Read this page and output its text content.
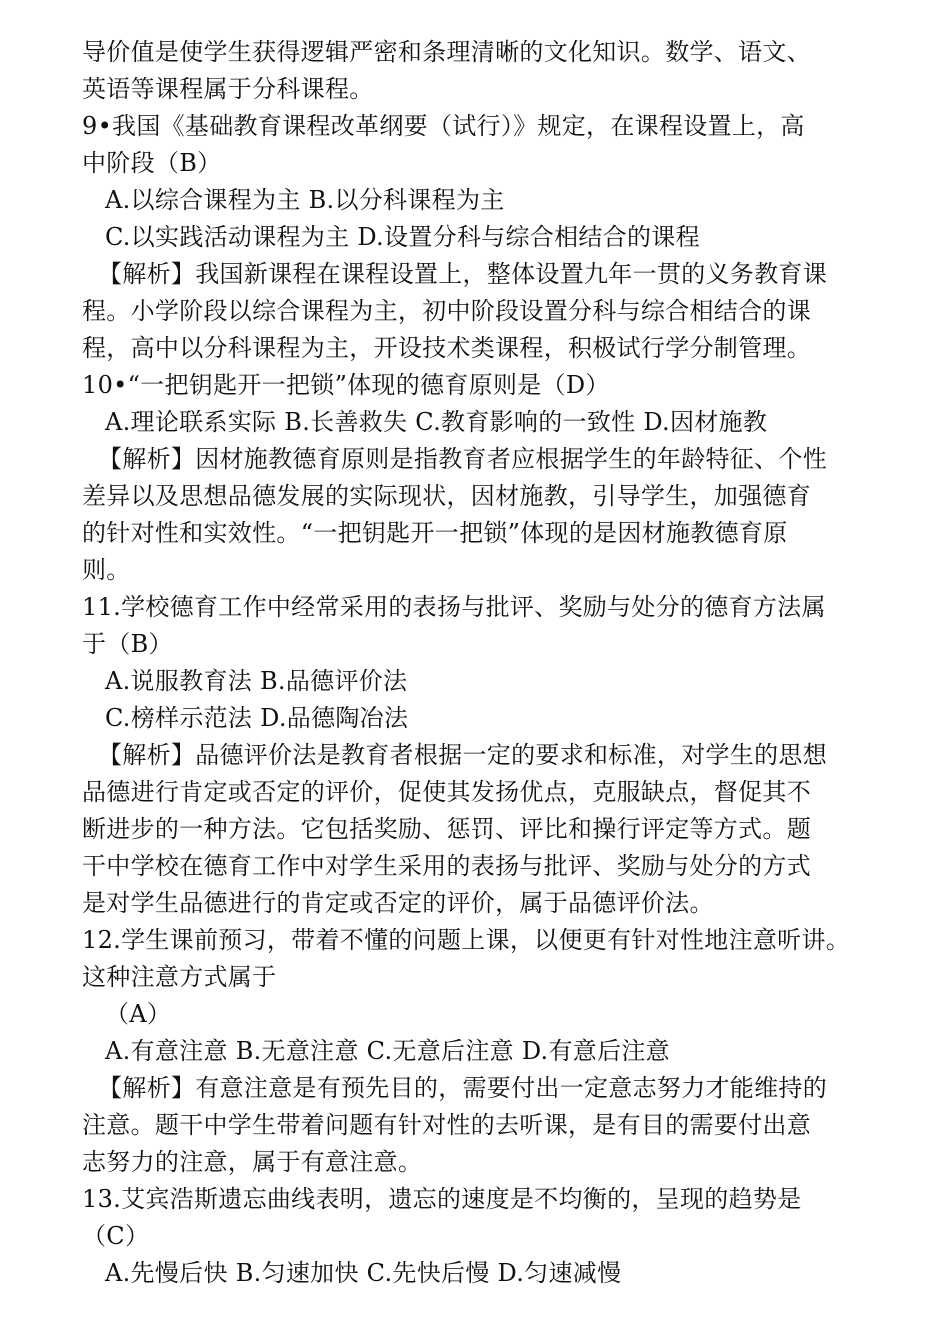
导价值是使学生获得逻辑严密和条理清晰的文化知识。数学、语文、
英语等课程属于分科课程。
9•我国《基础教育课程改革纲要（试行）》规定，在课程设置上，高
中阶段（B）
A.以综合课程为主 B.以分科课程为主
C.以实践活动课程为主 D.设置分科与综合相结合的课程
【解析】我国新课程在课程设置上，整体设置九年一贯的义务教育课
程。小学阶段以综合课程为主，初中阶段设置分科与综合相结合的课
程，高中以分科课程为主，开设技术类课程，积极试行学分制管理。
10•“一把钥匙开一把锁”体现的德育原则是（D）
A.理论联系实际 B.长善救失 C.教育影响的一致性 D.因材施教
【解析】因材施教德育原则是指教育者应根据学生的年龄特征、个性
差异以及思想品德发展的实际现状，因材施教，引导学生，加强德育
的针对性和实效性。“一把钥匙开一把锁”体现的是因材施教德育原
则。
11.学校德育工作中经常采用的表扬与批评、奖励与处分的德育方法属
于（B）
A.说服教育法 B.品德评价法
C.榜样示范法 D.品德陶冶法
【解析】品德评价法是教育者根据一定的要求和标准，对学生的思想
品德进行肯定或否定的评价，促使其发扬优点，克服缺点，督促其不
断进步的一种方法。它包括奖励、惩罚、评比和操行评定等方式。题
干中学校在德育工作中对学生采用的表扬与批评、奖励与处分的方式
是对学生品德进行的肯定或否定的评价，属于品德评价法。
12.学生课前预习，带着不懂的问题上课，以便更有针对性地注意听讲。
这种注意方式属于
（A）
A.有意注意 B.无意注意 C.无意后注意 D.有意后注意
【解析】有意注意是有预先目的，需要付出一定意志努力才能维持的
注意。题干中学生带着问题有针对性的去听课，是有目的需要付出意
志努力的注意，属于有意注意。
13.艾宾浩斯遗忘曲线表明，遗忘的速度是不均衡的，呈现的趋势是
（C）
A.先慢后快 B.匀速加快 C.先快后慢 D.匀速减慢
